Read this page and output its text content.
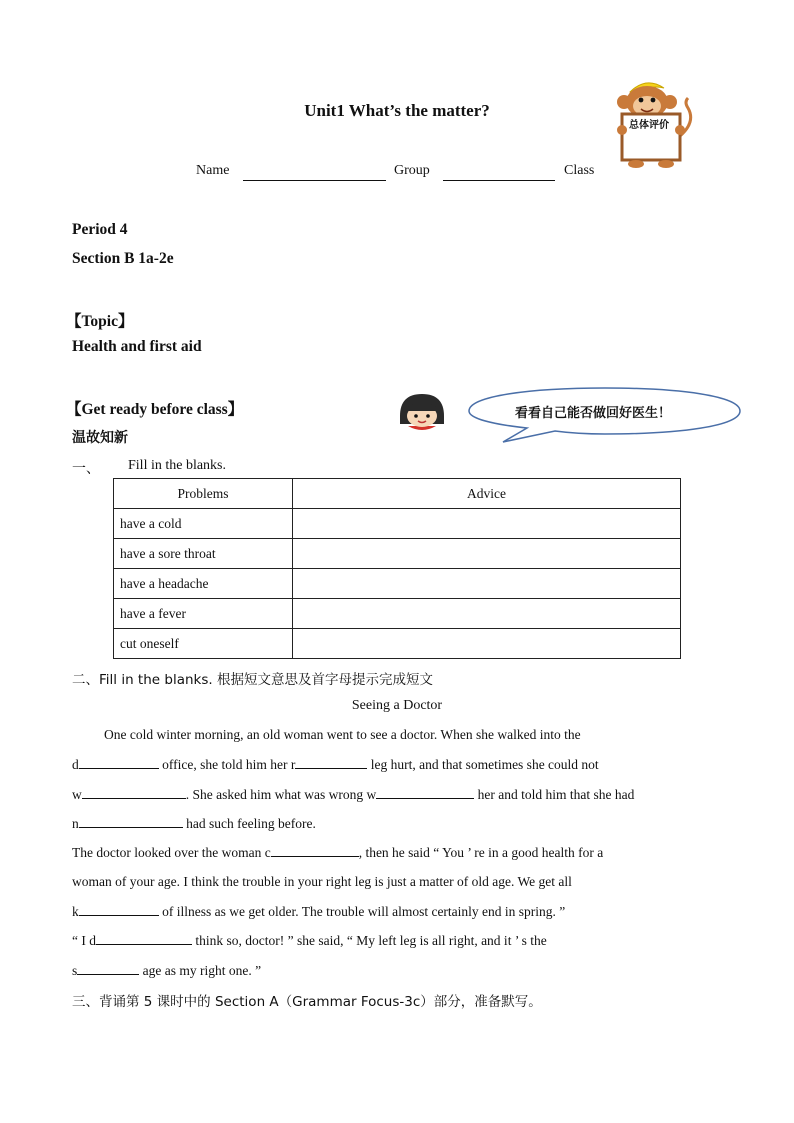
Unit1 What’s the matter?
总体评价
Name	Group	Class
Period 4
Section B 1a-2e
【Topic】
Health and first aid
【Get ready before class】
温故知新
看看自己能否做回好医生！
一、 Fill in the blanks.
Problems	Advice
have a cold	
have a sore throat	
have a headache	
have a fever	
cut oneself	
二、Fill in the blanks. 根据短文意思及首字母提示完成短文
Seeing a Doctor
One cold winter morning, an old woman went to see a doctor. When she walked into the
d	office, she told him her r	leg hurt, and that sometimes she could not
w	. She asked him what was wrong w	her and told him that she had
n	had such feeling before.
The doctor looked over the woman c	, then he said “ You ’ re in a good health for a
woman of your age. I think the trouble in your right leg is just a matter of old age. We get all
k	of illness as we get older. The trouble will almost certainly end in spring. ”
“ I d	think so, doctor! ” she said, “ My left leg is all right, and it ’ s the
s	age as my right one. ”
三、背诵第 5 课时中的 Section A（Grammar Focus-3c）部分，准备默写。
